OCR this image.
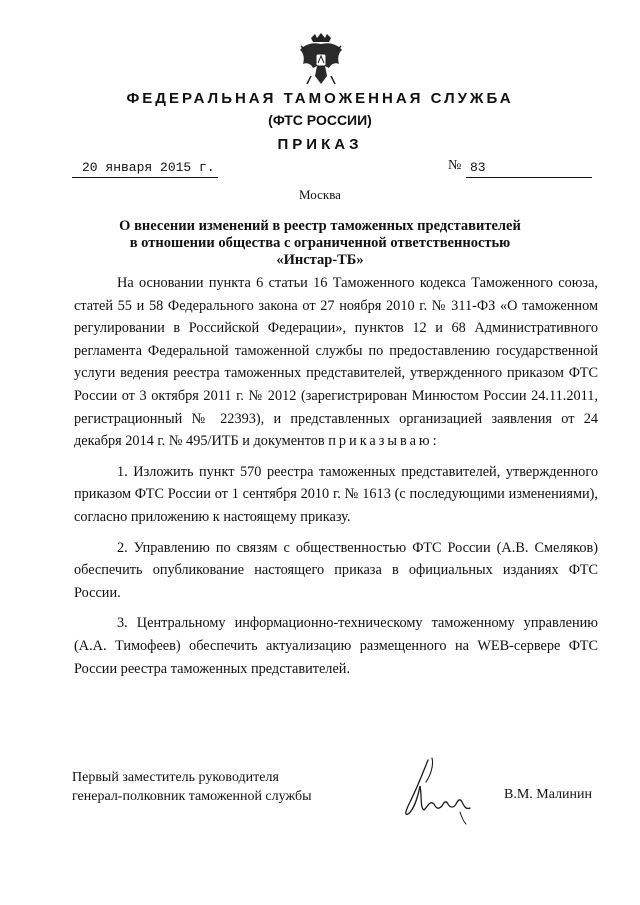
ФЕДЕРАЛЬНАЯ ТАМОЖЕННАЯ СЛУЖБА
(ФТС РОССИИ)
ПРИКАЗ
20 января 2015 г.	№ 83
Москва
О внесении изменений в реестр таможенных представителей
в отношении общества с ограниченной ответственностью
«Инстар-ТБ»

На основании пункта 6 статьи 16 Таможенного кодекса Таможенного союза, статей 55 и 58 Федерального закона от 27 ноября 2010 г. № 311-ФЗ «О таможенном регулировании в Российской Федерации», пунктов 12 и 68 Административного регламента Федеральной таможенной службы по предоставлению государственной услуги ведения реестра таможенных представителей, утвержденного приказом ФТС России от 3 октября 2011 г. № 2012 (зарегистрирован Минюстом России 24.11.2011, регистрационный № 22393), и представленных организацией заявления от 24 декабря 2014 г. № 495/ИТБ и документов приказываю:

1. Изложить пункт 570 реестра таможенных представителей, утвержденного приказом ФТС России от 1 сентября 2010 г. № 1613 (с последующими изменениями), согласно приложению к настоящему приказу.

2. Управлению по связям с общественностью ФТС России (А.В. Смеляков) обеспечить опубликование настоящего приказа в официальных изданиях ФТС России.

3. Центральному информационно-техническому таможенному управлению (А.А. Тимофеев) обеспечить актуализацию размещенного на WEB-сервере ФТС России реестра таможенных представителей.

Первый заместитель руководителя
генерал-полковник таможенной службы	В.М. Малинин
